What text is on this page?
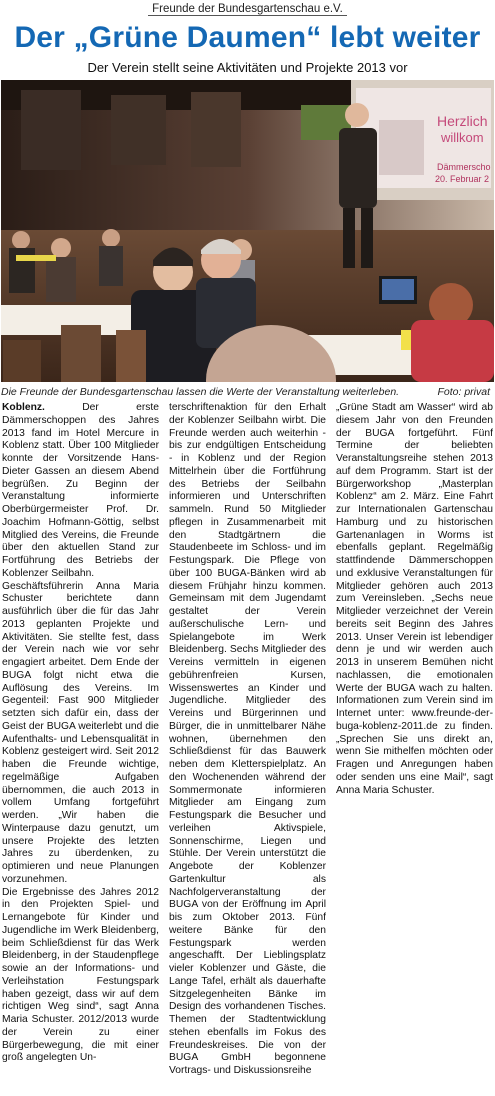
Freunde der Bundesgartenschau e.V.
Der „Grüne Daumen“ lebt weiter
Der Verein stellt seine Aktivitäten und Projekte 2013 vor
Herzlich
willkom
Dämmerscho
20. Februar 2
Die Freunde der Bundesgartenschau lassen die Werte der Veranstaltung weiterleben.	Foto: privat

Koblenz. Der erste Dämmerschoppen des Jahres 2013 fand im Hotel Mercure in Koblenz statt. Über 100 Mitglieder konnte der Vorsitzende Hans-Dieter Gassen an diesem Abend begrüßen. Zu Beginn der Veranstaltung informierte Oberbürgermeister Prof. Dr. Joachim Hofmann-Göttig, selbst Mitglied des Vereins, die Freunde über den aktuellen Stand zur Fortführung des Betriebs der Koblenzer Seilbahn.

Geschäftsführerin Anna Maria Schuster berichtete dann ausführlich über die für das Jahr 2013 geplanten Projekte und Aktivitäten. Sie stellte fest, dass der Verein nach wie vor sehr engagiert arbeitet. Dem Ende der BUGA folgt nicht etwa die Auflösung des Vereins. Im Gegenteil: Fast 900 Mitglieder setzten sich dafür ein, dass der Geist der BUGA weiterlebt und die Aufenthalts- und Lebensqualität in Koblenz gesteigert wird. Seit 2012 haben die Freunde wichtige, regelmäßige Aufgaben übernommen, die auch 2013 in vollem Umfang fortgeführt werden. „Wir haben die Winterpause dazu genutzt, um unsere Projekte des letzten Jahres zu überdenken, zu optimieren und neue Planungen vorzunehmen.

Die Ergebnisse des Jahres 2012 in den Projekten Spiel- und Lernangebote für Kinder und Jugendliche im Werk Bleidenberg, beim Schließdienst für das Werk Bleidenberg, in der Staudenpflege sowie an der Informations- und Verleihstation Festungspark haben gezeigt, dass wir auf dem richtigen Weg sind“, sagt Anna Maria Schuster. 2012/2013 wurde der Verein zu einer Bürgerbewegung, die mit einer groß angelegten Un-

terschriftenaktion für den Erhalt der Koblenzer Seilbahn wirbt. Die Freunde werden auch weiterhin - bis zur endgültigen Entscheidung - in Koblenz und der Region Mittelrhein über die Fortführung des Betriebs der Seilbahn informieren und Unterschriften sammeln. Rund 50 Mitglieder pflegen in Zusammenarbeit mit den Stadtgärtnern die Staudenbeete im Schloss- und im Festungspark. Die Pflege von über 100 BUGA-Bänken wird ab diesem Frühjahr hinzu kommen. Gemeinsam mit dem Jugendamt gestaltet der Verein außerschulische Lern- und Spielangebote im Werk Bleidenberg. Sechs Mitglieder des Vereins vermitteln in eigenen gebührenfreien Kursen, Wissenswertes an Kinder und Jugendliche. Mitglieder des Vereins und Bürgerinnen und Bürger, die in unmittelbarer Nähe wohnen, übernehmen den Schließdienst für das Bauwerk neben dem Kletterspielplatz. An den Wochenenden während der Sommermonate informieren Mitglieder am Eingang zum Festungspark die Besucher und verleihen Aktivspiele, Sonnenschirme, Liegen und Stühle. Der Verein unterstützt die Angebote der Koblenzer Gartenkultur als Nachfolgerveranstaltung der BUGA von der Eröffnung im April bis zum Oktober 2013. Fünf weitere Bänke für den Festungspark werden angeschafft. Der Lieblingsplatz vieler Koblenzer und Gäste, die Lange Tafel, erhält als dauerhafte Sitzgelegenheiten Bänke im Design des vorhandenen Tisches. Themen der Stadtentwicklung stehen ebenfalls im Fokus des Freundeskreises. Die von der BUGA GmbH begonnene Vortrags- und Diskussionsreihe

„Grüne Stadt am Wasser“ wird ab diesem Jahr von den Freunden der BUGA fortgeführt. Fünf Termine der beliebten Veranstaltungsreihe stehen 2013 auf dem Programm. Start ist der Bürgerworkshop „Masterplan Koblenz“ am 2. März. Eine Fahrt zur Internationalen Gartenschau Hamburg und zu historischen Gartenanlagen in Worms ist ebenfalls geplant. Regelmäßig stattfindende Dämmerschoppen und exklusive Veranstaltungen für Mitglieder gehören auch 2013 zum Vereinsleben. „Sechs neue Mitglieder verzeichnet der Verein bereits seit Beginn des Jahres 2013. Unser Verein ist lebendiger denn je und wir werden auch 2013 in unserem Bemühen nicht nachlassen, die emotionalen Werte der BUGA wach zu halten. Informationen zum Verein sind im Internet unter: www.freunde-der-buga-koblenz-2011.de zu finden. „Sprechen Sie uns direkt an, wenn Sie mithelfen möchten oder Fragen und Anregungen haben oder senden uns eine Mail“, sagt Anna Maria Schuster.
